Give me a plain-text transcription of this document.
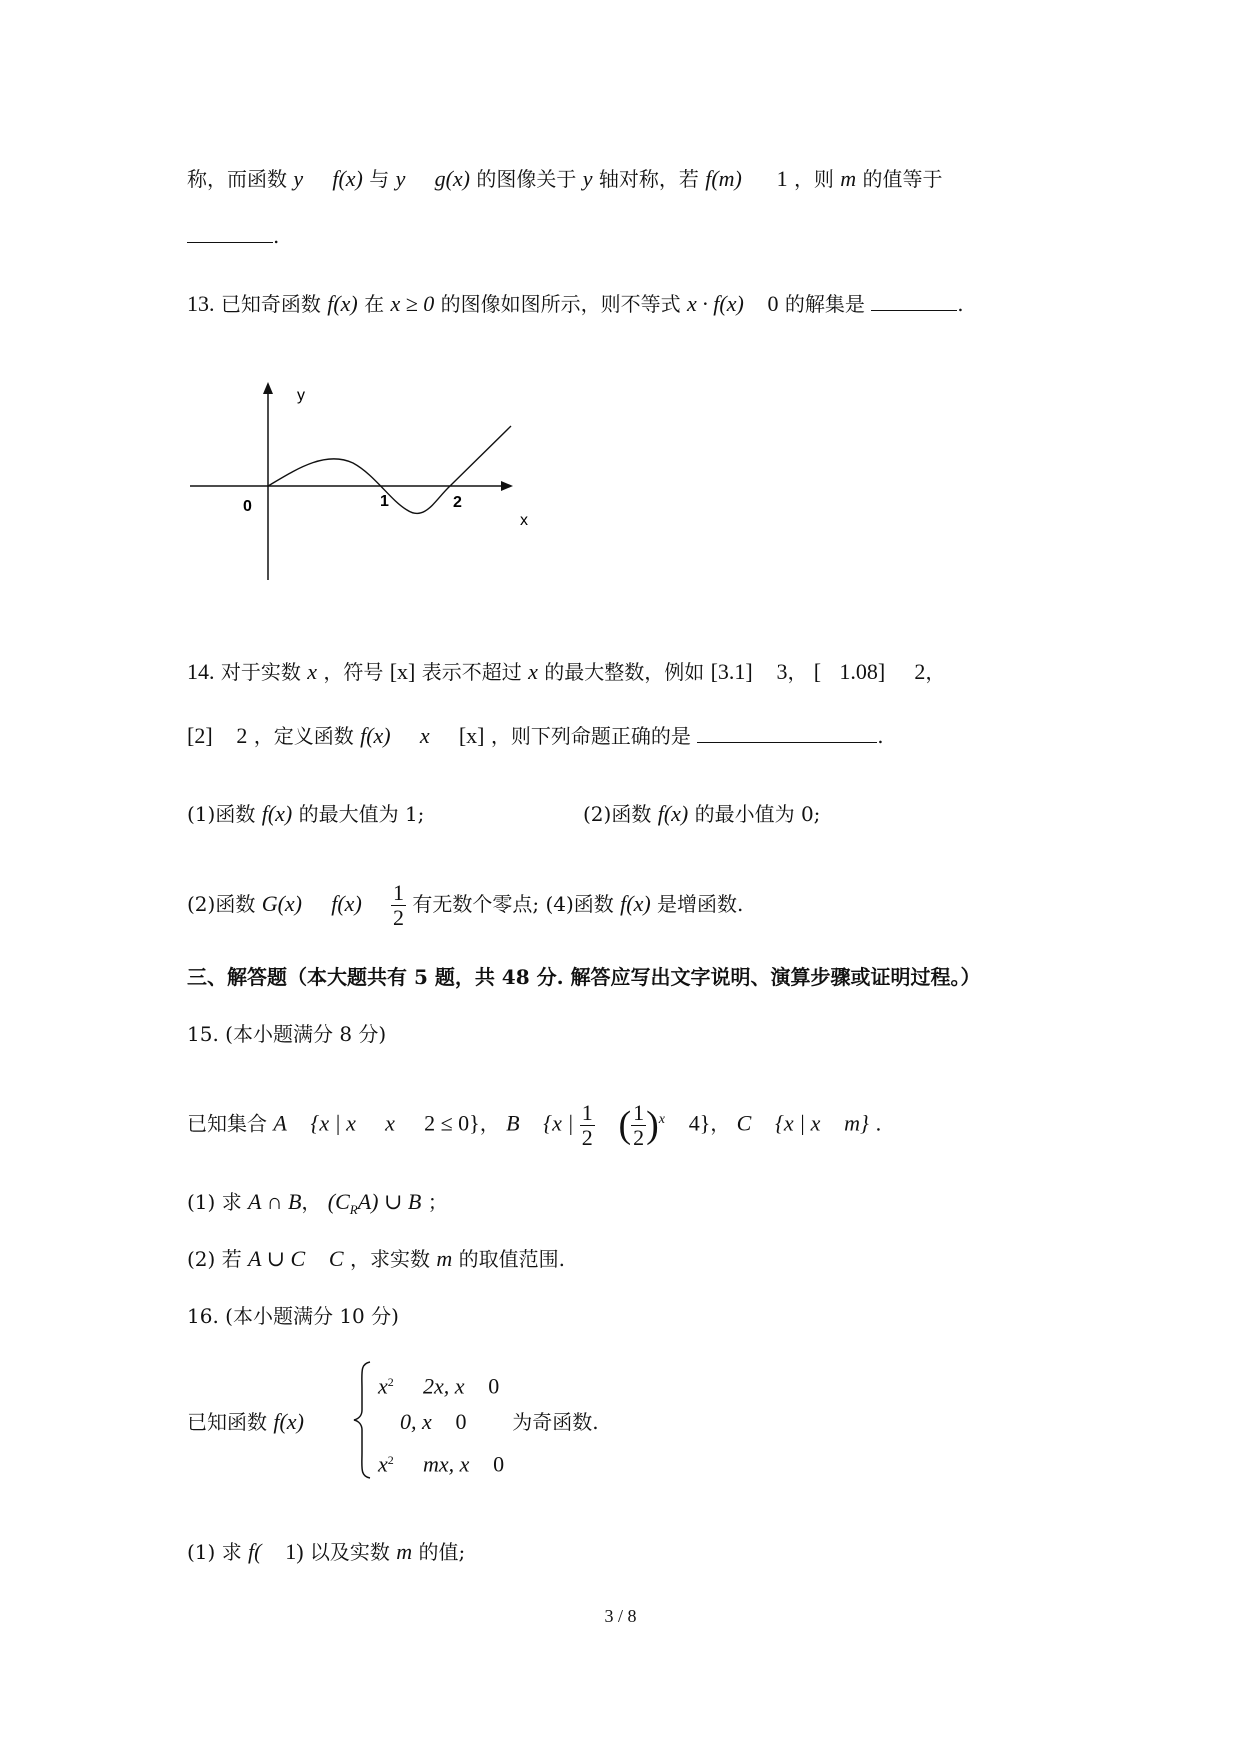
称，而函数 y f(x) 与 y g(x) 的图像关于 y 轴对称，若 f(m) 1 ，则 m 的值等于
.
13. 已知奇函数 f(x) 在 x ≥ 0 的图像如图所示，则不等式 x · f(x) 0 的解集是	.
y
x
0	1	2
14. 对于实数 x ，符号 [x] 表示不超过 x 的最大整数，例如 [3.1] 3， [ 1.08] 2，
[2] 2 ，定义函数 f(x) x [x] ，则下列命题正确的是	.
(1)函数 f(x) 的最大值为 1;	(2)函数 f(x) 的最小值为 0;
(2)函数 G(x) $f(x) \frac{1}{2}$ 有无数个零点; (4)函数 f(x) 是增函数.
三、解答题（本大题共有 5 题，共 48 分. 解答应写出文字说明、演算步骤或证明过程。）
15. (本小题满分 8 分)
已知集合 A {x | x x 2 ≤ 0}， B {x | $\frac{1}{2}$ ( $\frac{1}{2} )^x$ 4}， C {x | x m} .
(1) 求 A ∩ B， $(C_RA)$ ∪ B ；
(2) 若 A ∪ C C ，求实数 m 的取值范围.
16. (本小题满分 10 分)
已知函数 f(x)
$x^2$ 2x, x 0
0, x 0 为奇函数.
$x^2$ mx, x 0
(1) 求 f( 1) 以及实数 m 的值;
3 / 8
